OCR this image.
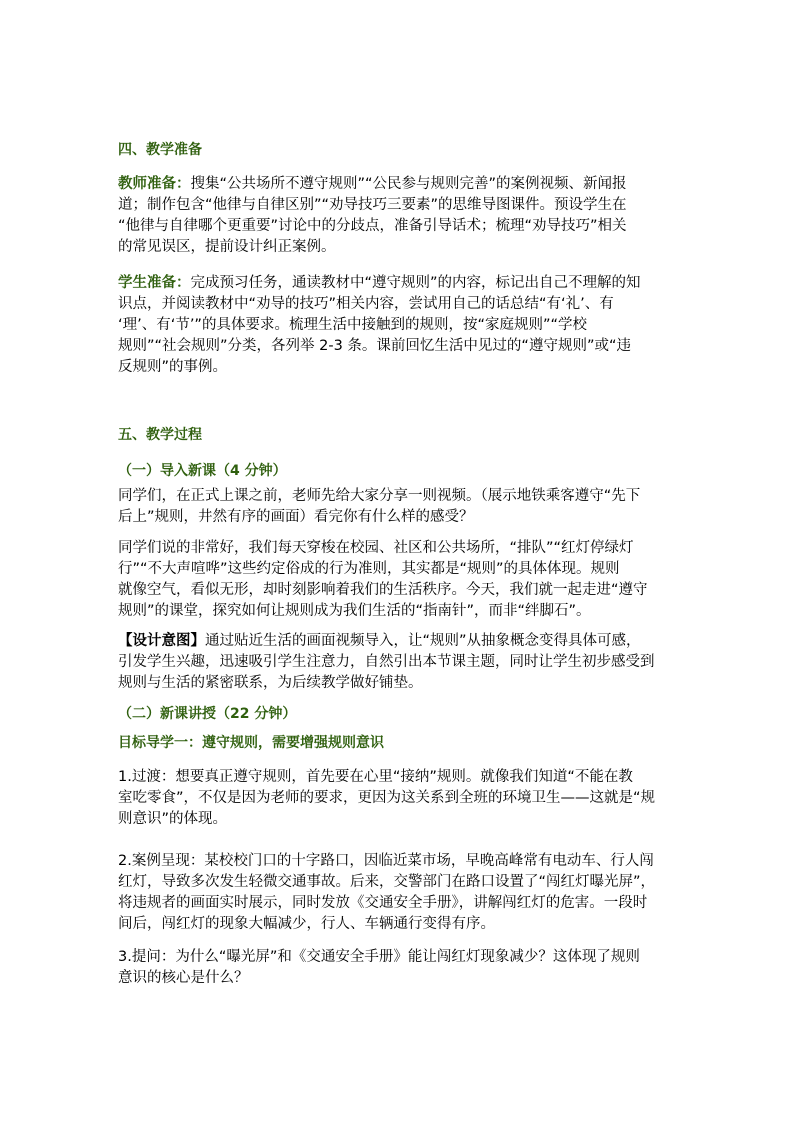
四、教学准备
教师准备：搜集“公共场所不遵守规则”“公民参与规则完善”的案例视频、新闻报
道；制作包含“他律与自律区别”“劝导技巧三要素”的思维导图课件。预设学生在
“他律与自律哪个更重要”讨论中的分歧点，准备引导话术；梳理“劝导技巧”相关
的常见误区，提前设计纠正案例。
学生准备：完成预习任务，通读教材中“遵守规则”的内容，标记出自己不理解的知
识点，并阅读教材中“劝导的技巧”相关内容，尝试用自己的话总结“有‘礼’、有
‘理’、有‘节’”的具体要求。梳理生活中接触到的规则，按“家庭规则”“学校
规则”“社会规则”分类，各列举 2-3 条。课前回忆生活中见过的“遵守规则”或“违
反规则”的事例。
五、教学过程
（一）导入新课（4 分钟）
同学们，在正式上课之前，老师先给大家分享一则视频。（展示地铁乘客遵守“先下
后上”规则，井然有序的画面）看完你有什么样的感受？
同学们说的非常好，我们每天穿梭在校园、社区和公共场所，“排队”“红灯停绿灯
行”“不大声喧哗”这些约定俗成的行为准则，其实都是“规则”的具体体现。规则
就像空气，看似无形，却时刻影响着我们的生活秩序。今天，我们就一起走进“遵守
规则”的课堂，探究如何让规则成为我们生活的“指南针”，而非“绊脚石”。
【设计意图】通过贴近生活的画面视频导入，让“规则”从抽象概念变得具体可感，
引发学生兴趣，迅速吸引学生注意力，自然引出本节课主题，同时让学生初步感受到
规则与生活的紧密联系，为后续教学做好铺垫。
（二）新课讲授（22 分钟）
目标导学一：遵守规则，需要增强规则意识
1.过渡：想要真正遵守规则，首先要在心里“接纳”规则。就像我们知道“不能在教
室吃零食”，不仅是因为老师的要求，更因为这关系到全班的环境卫生——这就是“规
则意识”的体现。
2.案例呈现：某校校门口的十字路口，因临近菜市场，早晚高峰常有电动车、行人闯
红灯，导致多次发生轻微交通事故。后来，交警部门在路口设置了“闯红灯曝光屏”，
将违规者的画面实时展示，同时发放《交通安全手册》，讲解闯红灯的危害。一段时
间后，闯红灯的现象大幅减少，行人、车辆通行变得有序。
3.提问：为什么“曝光屏”和《交通安全手册》能让闯红灯现象减少？这体现了规则
意识的核心是什么？
